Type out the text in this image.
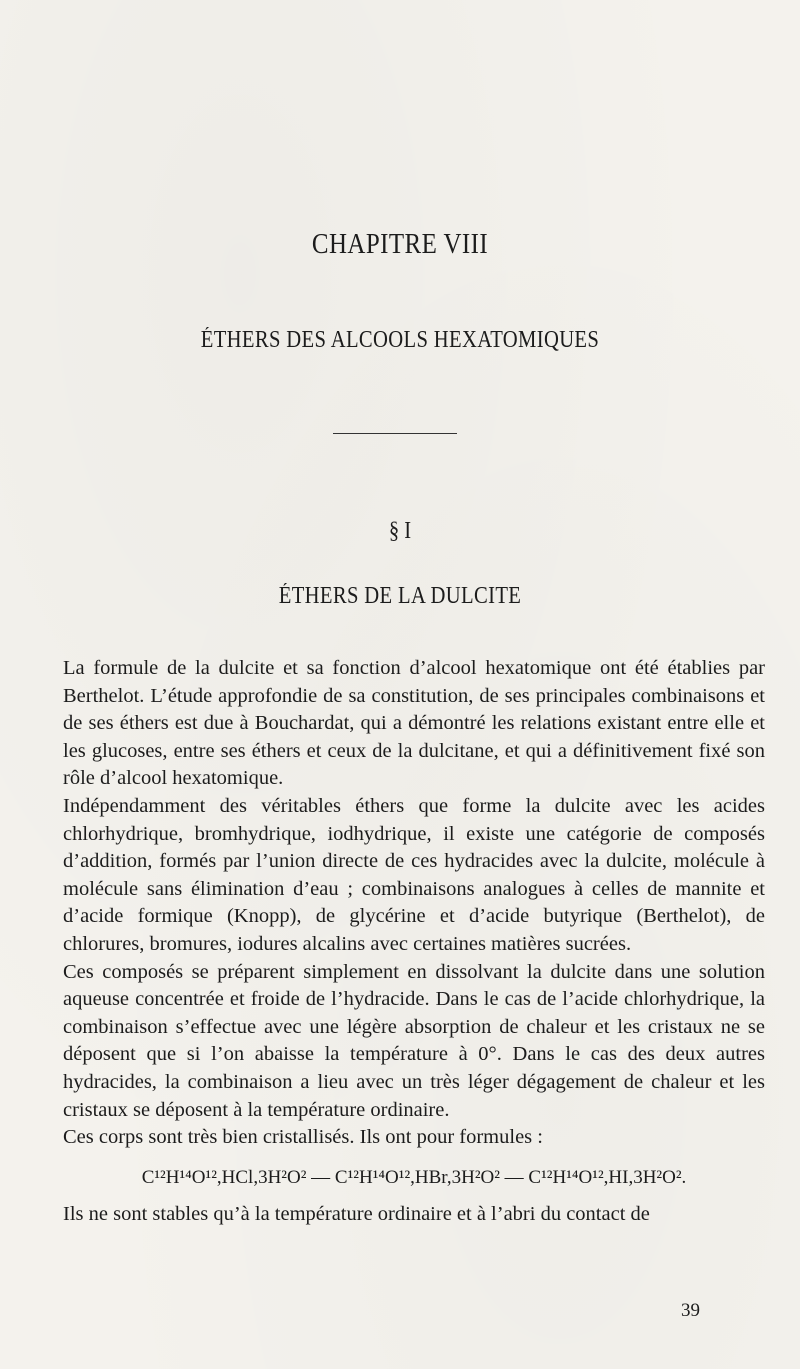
CHAPITRE VIII
ÉTHERS DES ALCOOLS HEXATOMIQUES
§ I
ÉTHERS DE LA DULCITE

La formule de la dulcite et sa fonction d’alcool hexatomique ont été établies par Berthelot. L’étude approfondie de sa constitution, de ses principales combinaisons et de ses éthers est due à Bouchardat, qui a démontré les relations existant entre elle et les glucoses, entre ses éthers et ceux de la dulcitane, et qui a définitivement fixé son rôle d’alcool hexatomique.

Indépendamment des véritables éthers que forme la dulcite avec les acides chlorhydrique, bromhydrique, iodhydrique, il existe une catégorie de composés d’addition, formés par l’union directe de ces hydracides avec la dulcite, molécule à molécule sans élimination d’eau ; combinaisons analogues à celles de mannite et d’acide formique (Knopp), de glycérine et d’acide butyrique (Berthelot), de chlorures, bromures, iodures alcalins avec certaines matières sucrées.

Ces composés se préparent simplement en dissolvant la dulcite dans une solution aqueuse concentrée et froide de l’hydracide. Dans le cas de l’acide chlorhydrique, la combinaison s’effectue avec une légère absorption de chaleur et les cristaux ne se déposent que si l’on abaisse la température à 0°. Dans le cas des deux autres hydracides, la combinaison a lieu avec un très léger dégagement de chaleur et les cristaux se déposent à la température ordinaire.

Ces corps sont très bien cristallisés. Ils ont pour formules :

C¹²H¹⁴O¹²,HCl,3H²O² — C¹²H¹⁴O¹²,HBr,3H²O² — C¹²H¹⁴O¹²,HI,3H²O².

Ils ne sont stables qu’à la température ordinaire et à l’abri du contact de

39
